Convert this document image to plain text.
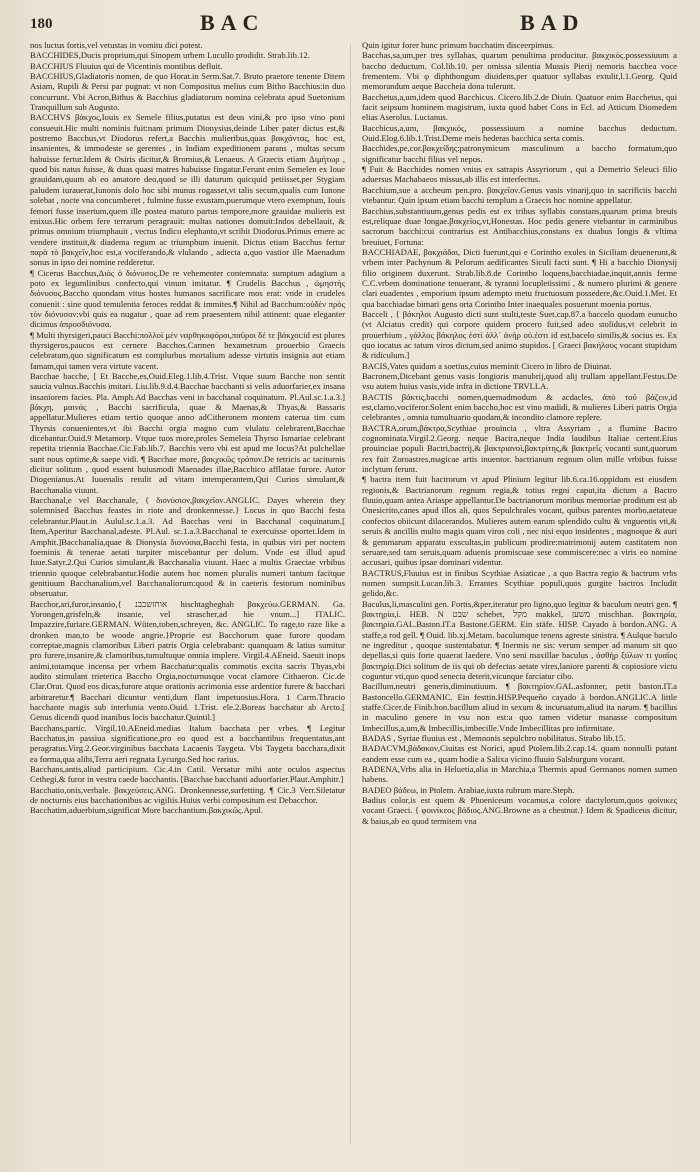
180	BAC	BAD

nos luctus fortis,vel vetustas in vomitu dici potest.

BACCHIDES,Ducis proprium,qui Sinopem urbem Lucullo prodidit. Strab.lib.12.

BACCHIUS Fluuius qui de Vicentinis montibus defluit.

BACCHIUS,Gladiatoris nomen, de quo Horat.in Serm.Sat.7. Bruto praetore tenente Ditem Asiam, Rupili & Persi par pugnat: vt non Compositus melius cum Bitho Bacchius:in duo concurrunt. Vbi Acron,Bithus & Bacchius gladiatorum nomina celebrata apud Suetonium Tranquillum sub Augusto.

BACCHVS βάκχος,Iouis ex Semele filius,putatus est deus vini,& pro ipso vino poni consueuit.Hic multi nominis fuit:nam primum Dionysius,deinde Liber pater dictus est,& postremo Bacchus,vt Diodorus refert,a Bacchis mulieribus,quas βακχάντας, hoc est, insanientes, & immodeste se gerentes , in Indiam expeditionem parans , multas secum habuisse fertur.Idem & Osiris dicitur,& Bromius,& Lenaeus. A Graecis etiam Διμήτωρ , quod bis natus fuisse, & duas quasi matres habuisse fingatur.Ferunt enim Semelen ex Ioue grauidam,quum ab eo amatore deo,quod se illi daturum quicquid petiisset,per Stygiam paludem iurauerat,Iunonis dolo hoc sibi munus rogasset,vt talis secum,qualis cum Iunone solebat , nocte vna concumberet , fulmine fusse exustam,puerumque vtero exemptum, Iouis femori fusse insertum,quem ille postea maturo partus tempore,more grauidae mulieris est enixus.Hic orbem fere terrarum peragrauit: multas nationes domuit:Indos debellauit, & primus omnium triumphauit , vectus Indico elephanto,vt scribit Diodorus.Primus emere ac vendere instituit,& diadema regum ac triumphum inuenit. Dictus etiam Bacchus fertur παρὰ τὸ βακχεῖν,hoc est,a vociferando,& vlulando , adiecta a,quo vastior ille Maenadum sonus in ipso dei nomine redderetur.

¶ Cicerus Bacchus,Διὸς ὁ διόνυσος.De re vehementer contemnata: sumptum adagium a poto ex legumlinibus confecto,qui vinum imitatur. ¶ Crudelis Bacchus , ὠμηστὴς διόνυσος.Baccho quondam vitus hostes humanos sacrificare mos erat: vnde in crudeles conuenit : sine quod temulentia feroces reddat & immites.¶ Nihil ad Bacchum:οὐδὲν πρὸς τὸν διόνυσον:vbi quis ea nugatur , quae ad rem praesentem nihil attinent: quae eleganter dicimus ἀπροσδιόνυσα.

¶ Multi thyrsigeri,pauci Bacchi:πολλοὶ μὲν ναρθηκοφόροι,παῦροι δέ τε βάκχοι:id est plures thyrsigeros,paucos est cernere Bacchos.Carmen hexametrum prouerbio Graecis celebratum,quo significatum est complurbus mortalium adesse virtutis insignia aut etiam famam,qui tamen vera virtute vacent.

Bacchae bacche, [ Et Bacche,es,Ouid.Eleg.1.lib.4.Trist. Vtque suum Bacche non sentit saucia vulnus.Bacchis imitari. Liu.lib.9.d.4.Bacchae bacchanti si velis aduorfarier,ex insana insaniorem facies. Pla. Amph.Ad Bacchas veni in bacchanal coquinatum. Pl.Aul.sc.1.a.3.] βάκχη, μαινάς , Bacchi sacrificula, quae & Maenas,& Thyas,& Bassaris appellatur.Mulieres etiam tertio quoque anno adCitheronem montem caterua tim cum Thyrsis conuenientes,vt ibi Bacchi orgia magno cum vlulatu celebrarent,Bacchae dicebantur.Ouid.9 Metamorp. Vtque tuos more,proles Semeleia Thyrso Ismariae celebrant repetita triennia Bacchae.Cic.Fab.lib.7. Bacchis vero vbi est apud me locus?At pulchellae sunt nous optime,& saepe vidi. ¶ Bacchae more, βακχικῶς τρόπον.De tetricis ac taciturnis dicitur solitum , quod essent huiusmodi Maenades illae,Bacchico afflatae furore. Autor Diogenianus.At Iuuenalis retulit ad vitam intemperantem,Qui Curios simulant,& Bacchanalia viuunt.

Bacchanal,e vel Bacchanale, { διονύσιον,βακχεῖον.ANGLIC. Dayes wherein they solemnised Bacchus feastes in riote and dronkennesse.} Locus in quo Bacchi festa celebrantur.Plaut.in Aulul.sc.1.a.3. Ad Bacchas veni in Bacchanal coquinatum.[ Item,Aperitur Bacchanal,adeste. Pl.Aul. sc.1.a.3.Bacchanal te exercuisse oportet.Idem in Amphit.]Bacchanalia,quae & Dionysia διονύσια,Bacchi festa, in quibus viri per noctem foeminis & tenerae aetati turpiter miscebantur per dolum. Vnde est illud apud Iuue.Satyr.2.Qui Curios simulant,& Bacchanalia viuunt. Haec a multis Graeciae vrbibus triennio quoque celebrabantur.Hodie autem hoc nomen pluralis numeri tantum facitque genitiuum Bacchanalium,vel Bacchanaliorum:quod & in caeteris festorum nominibus obseruatur.

Bacchor,ari,furor,insanio,{ אוחזשבבנ hischtagheghah βακχεύω.GERMAN. Ga. Yorongen,grisfeln,& insanie, vel strascher,ad hie vnum...] ITALIC. Impazzire,furiare.GERMAN. Wüten,toben,schreyen, &c. ANGLIC. To rage,to raze like a dronken man,to be woode angrie.}Proprie est Bacchorum quae furore quodam correptae,magnis clamoribus Liberi patris Orgia celebrabant: quanquam & latius sumitur pro furere,insanire,& clamoribus,tumultuque omnia implere. Virgil.4.AEneid. Saeuit inops animi,totamque incensa per vrbem Bacchatur:qualis commotis excita sacris Thyas,vbi audito stimulant trieterica Baccho Orgia,nocturnusque vocat clamore Cithaeron. Cic.de Clar.Orat. Quod eos dicas,furore atque orationis acrimonia esse ardentior furere & bacchari arbitraretur.¶ Bacchari dicuntur venti,dum flant impetuosius.Hora. 1 Carm.Thracio bacchante magis sub interlunia vento.Ouid. 1.Trist. ele.2.Boreas bacchatur ab Arcto.[ Genus dicendi quod inanibus locis bacchatur.Quintil.]

Bacchans,partic. Virgil.10.AEneid.medias Italum bacchata per vrbes. ¶ Legitur Bacchatus,in passiua significatione,pro eo quod est a bacchantibus frequentatus,ant peragratus.Virg.2.Geor.virginibus bacchata Lacaenis Taygeta. Vbi Taygeta bacchara,dixit ea forma,qua alibi,Terra aeri regnata Lycurgo.Sed hoc rarius.

Bacchans,antis,aliud participium. Cic.4.in Catil. Versatur mihi ante oculos aspectus Cethegi,& furor in vestra caede bacchantis. [Bacchae bacchanti aduorfarier.Plaut.Amphitr.]

Bacchatio,onis,verbale. βακχεύσεις.ANG. Dronkennesse,surfetting. ¶ Cic.3 Verr.Siletatur de nocturnis eius bacchationibus ac vigiliis.Huius verbi compositum est Debacchor.

Bacchatim,aduerbium,significat More bacchantium.βακχικῶς.Apul.

Quin igitur forer hunc primum bacchatim disceerpimus.

Bacchas,sa,um,per tres syllabas, quarum penultima producitur. βακχικός.possessiuum a baccho deductum. Col.lib.10. per omissa silentia Mussis Pierij nemoris bacchea voce frementem. Vbi φ diphthongum diuidens,per quatuor syllabas extulit,l.1.Georg. Quid memorandum aeque Baccheia dona tulerunt.

Bacchetus,a,um,idem quod Bacchicus. Cicero.lib.2.de Diuin. Quatuor enim Bacchetus, qui facit seipsum hominem magistrum, iuxta quod habet Cons in Ecl. ad Atticum Diomedem elias Aserolus. Lucianus.

Bacchicus,a,um, βακχικός, possessiuum a nomine bacchus deductum. Ouid.Elog.6.lib.1.Trist.Deme meis hederas bacchica serta comis.

Bacchides,pe,cor.βακχείδης:patronymicum masculinum a baccho formatum,quo significatur bacchi filius vel nepos.

¶ Fuit & Bacchides nomen vnius ex satrapis Assyriorum , qui a Demetrio Seleuci filio aduersus Machabaeos missus,ab illis est interfectus.

Bacchium,sue a accheum pen.pro. βακχεῖον.Genus vasis vinarij,quo in sacrificiis bacchi vtebantur. Quin ipsum etiam bacchi templum a Graecis hoc nomine appellatur.

Bacchius,substantiuum,genus pedis est ex tribus syllabis constans,quarum prima breuis est,reliquae duae longae.βακχεῖος,vt,Honestas. Hoc pedis genere vtebantur in carminibus sacrorum bacchi:cui contrarius est Antibacchius,constans ex duabus longis & vltima breuiuet, Fortuna:

BACCHIADAE, βακχιάδαι, Dicti fuerunt,qui e Corintho exules in Siciliam deuenerunt,& vrbem inter Pachynum & Pelorum aedificantes Siculi facti sunt. ¶ Hi a bacchio Dionysij filio originem duxerunt. Strab.lib.8.de Corintho loquens,bacchiadae,inquit,annis ferme C.C.vrbem dominatione tenuerant, & tyranni locupletissimi , & numero plurimi & genere clari euadentes , emporium ipsum adempto metu fructuosum possedere,&c.Ouid.1.Met. Et qua bacchiadae bimari gens orta Corintho Inter inaequales posuerunt moenia portus.

Bacceli , { βάκηλοι Augusto dicti sunt stulti,teste Suet.cap.87.a baccelo quodam eunucho (vt Alciatus credit) qui corpore quidem procero fuit,sed adeo stolidus,vt celebrit in prouerbium , γάλλος βάκηλος ἐστί ἀλλ᾽ ἀνὴρ οὐ.ἐστι id est,bacelo similis,& socius es. Ex quo iocatus ac tatum viros dictum,sed animo stupidos. [ Graeci βακήλους vocant stupidum & ridiculum.]

BACIS,Vates quidam a soetius,cuius meminit Cicero in libro de Diuinat.

Bacronem,Dicebant genus vasis longioris manubrij,quod alij trullam appellant.Festus.De vsu autem huius vasis,vide infra in dictione TRVLLA.

BACTIS βάκτις,bacchi nomen,quemadmodum & acdacles, ἀπὸ τοῦ βάζειν,id est,clamo,vociferor.Solent enim baccho,hoc est vino madidi, & mulieres Liberi patris Orgia celebrantes , omnia tumultuario quodam,& incondito clamore replere.

BACTRA,orum,βάκτρα,Scythiae prouincia , vltra Assyriam , a flumine Bactro cognominata.Virgil.2.Georg. neque Bactra,neque India laudibus Italiae certent.Eius prouinciae populi Bactri,bactrij,& βακτριανοὶ,βακτρίτης,& βακτρεῖς vocanti sunt,quorum rex fuit Zoroastres,magicae artis inuentor. bactrianum regnum olim mille vrbibus fuisse inclytum ferunt.

¶ bactra item fuit bactrorum vt apud Plinium legitur lib.6.ca.16.oppidum est eiusdem regionis,& Bactrianorum regnum regia,& totius regni caput,ita dictum a Bactro fluuio,quam antea Ariaspe appellantur.De bactrianorum moribus memoriae proditum est ab Onesicrito,canes apud illos ali, quos Sepulchrales vocant, quibus parentes morbo,aetateue confectos obiicunt dilacerandos. Mulieres autem earum splendido cultu & vnguentis vti,& seruis & ancillis multo magis quam viros coli , nec nisi equo insidentes , magnoque & auri & gemmarum apparatu exscultas,in publicum prodire:matrimonij autem castitatem non seruare,sed tam seruis,quam aduenis promiscuae sese commiscere:nec a viris eo nomine accusari, quibus ipsae dominari videntur.

BACTRUS,Fluuius est in finibus Scythiae Asiaticae , a quo Bactra regio & bactrum vrbs nomen sumpsit.Lucan.lib.3. Errantes Scythiae populi,quos gurgite bactros Includit gelido,&c.

Baculus,li,masculini gen. Fortis,&per,iteratur pro ligno,quo legitur & baculum neutri gen. ¶ βακτηρία,ἱ. ΗΕΒ. Ν שבט schebet, מקל makkel, משען mischhan. βακτηρία, βακτηρία.GAL.Baston.IT.a Bastone.GERM. Ein stäfe. HISP. Cayado à bordon.ANG. A staffe,a rod gell. ¶ Ouid. lib.xj.Metam. baculumque tenens agreste sinistra. ¶ Aulque baculo ne ingreditur , quoque sustentabatur. ¶ Inermis ne sis: verum semper ad manum sit quo depellas,si quis forte quaerat laedere. Vno seni maxillae baculus , ἀσθὴρ ξύλων τι γυαῖος βακτηρίᾳ.Dici solitum de iis qui ob defectas aetate vires,laniore parenti & copiosiore victu coguntur vti,quo quod senecta deterit,vicunque farciatur cibo.

Bacillum,neutri generis,diminutiuum. ¶ βακτηρίον.GAL.asfonner, petit baston.IT.a Bastoncello.GERMANIC. Ein festtin.HISP.Pequeño cayado à bordon.ANGLIC.A little staffe.Cicer.de Finib.bon.bacillum aliud in sexum & incuruatum,aliud ita narum. ¶ bacillus in maculino genere in vsu non est:a quo tamen videtur manasse compositum Imbecillus,a,um,& Imbecillis,imbecille.Vnde Imbecillitas pro infirmitate.

BADAS , Syriae fluuius est , Memnonis sepulchro nobilitatus. Strabo lib.15.

BADACVM,βάδακον,Ciuitas est Norici, apud Ptolem.lib.2.cap.14. quam nonnulli putant eandem esse cum ea , quam hodie a Salixa vicino fluuio Salsburgum vocant.

BADENA,Vrbs alia in Heluetia,alia in Marchia,a Thermis apud Germanos nomen sumen habens.

BADEO βάδεω, in Ptolem. Arabiae,iuxta rubrum mare.Steph.

Badius color,is est quem & Phoeniceum vocamus,a colore dactylorum,quos φοίνικες vocant Graeci. { φοινίκεος βάδιος.ANG.Browne as a chestnut.} Idem & Spadiceus dicitur, & baius,ab eo quod termitem vna
